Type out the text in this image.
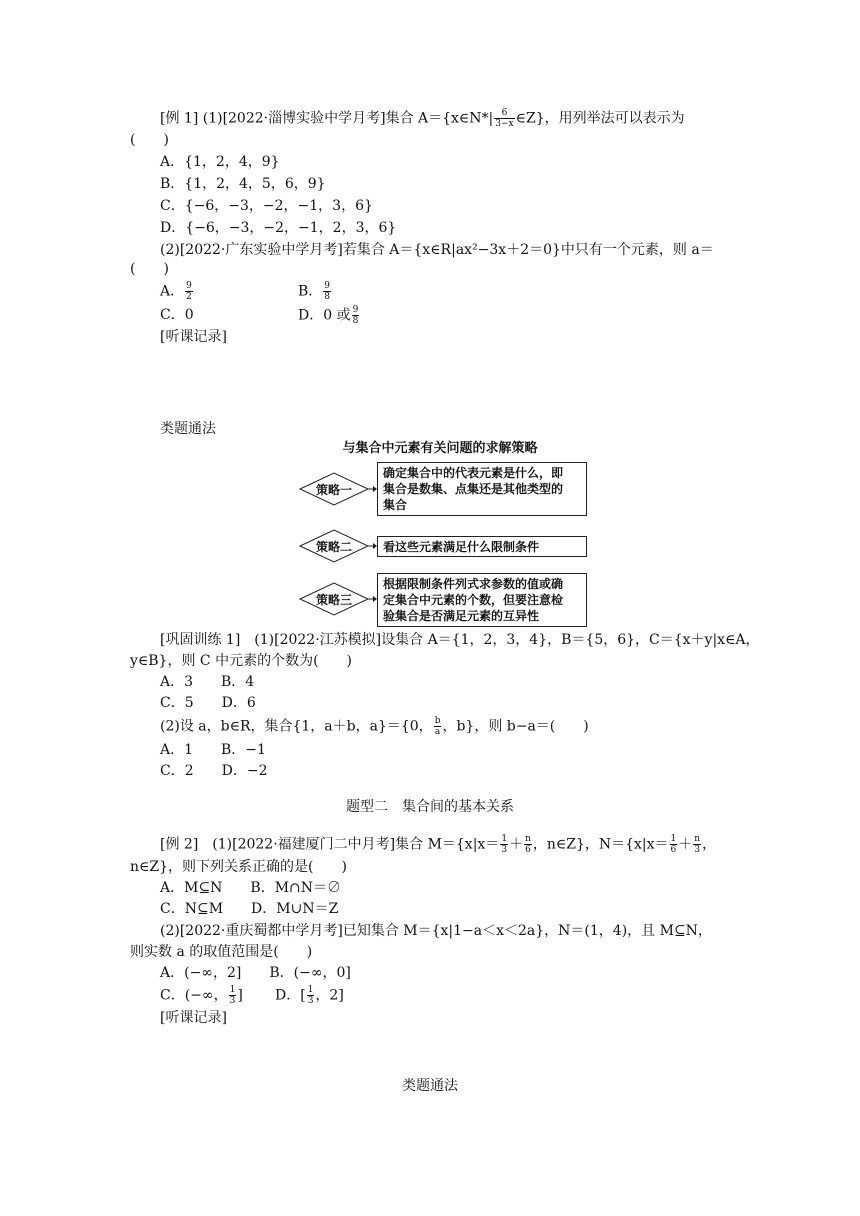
[例 1] (1)[2022·淄博实验中学月考]集合 A＝{x∈N*| $\frac{6}{3-x}$ ∈Z}，用列举法可以表示为
(　　)
A．{1，2，4，9}
B．{1，2，4，5，6，9}
C．{−6，−3，−2，−1，3，6}
D．{−6，−3，−2，−1，2，3，6}
(2)[2022·广东实验中学月考]若集合 A＝{x∈R|ax²−3x＋2＝0}中只有一个元素，则 a＝
(　　)
A． $\frac{9}{2}$	B． $\frac{9}{8}$
C．0	D．0 或 $\frac{9}{8}$
[听课记录]
类题通法
与集合中元素有关问题的求解策略
策略一
策略二
策略三
确定集合中的代表元素是什么，即
集合是数集、点集还是其他类型的
集合
看这些元素满足什么限制条件
根据限制条件列式求参数的值或确
定集合中元素的个数，但要注意检
验集合是否满足元素的互异性
[巩固训练 1]　(1)[2022·江苏模拟]设集合 A＝{1，2，3，4}，B＝{5，6}，C＝{x＋y|x∈A，
y∈B}，则 C 中元素的个数为(　　)
A．3　　B．4
C．5　　D．6
(2)设 a，b∈R，集合{1，a＋b，a}＝{0， $\frac{b}{a}$ ，b}，则 b−a＝(　　)
A．1　　B．−1
C．2　　D．−2
题型二　集合间的基本关系
[例 2]　(1)[2022·福建厦门二中月考]集合 $M=\{x|x= \frac{1}{3} + \frac{n}{6}$ ，n∈Z}，$N=\{x|x= \frac{1}{6} + \frac{n}{3}$ ，
n∈Z}，则下列关系正确的是(　　)
A．M⊆N　　B．M∩N＝∅
C．N⊆M　　D．M∪N＝Z
(2)[2022·重庆蜀都中学月考]已知集合 M＝{x|1−a＜x＜2a}，N＝(1，4)，且 M⊆N，
则实数 a 的取值范围是(　　)
A．(−∞，2]　　B．(−∞，0]
C．(−∞， $\frac{1}{3}$ ] D．[ $\frac{1}{3}$ ，2]
[听课记录]
类题通法
